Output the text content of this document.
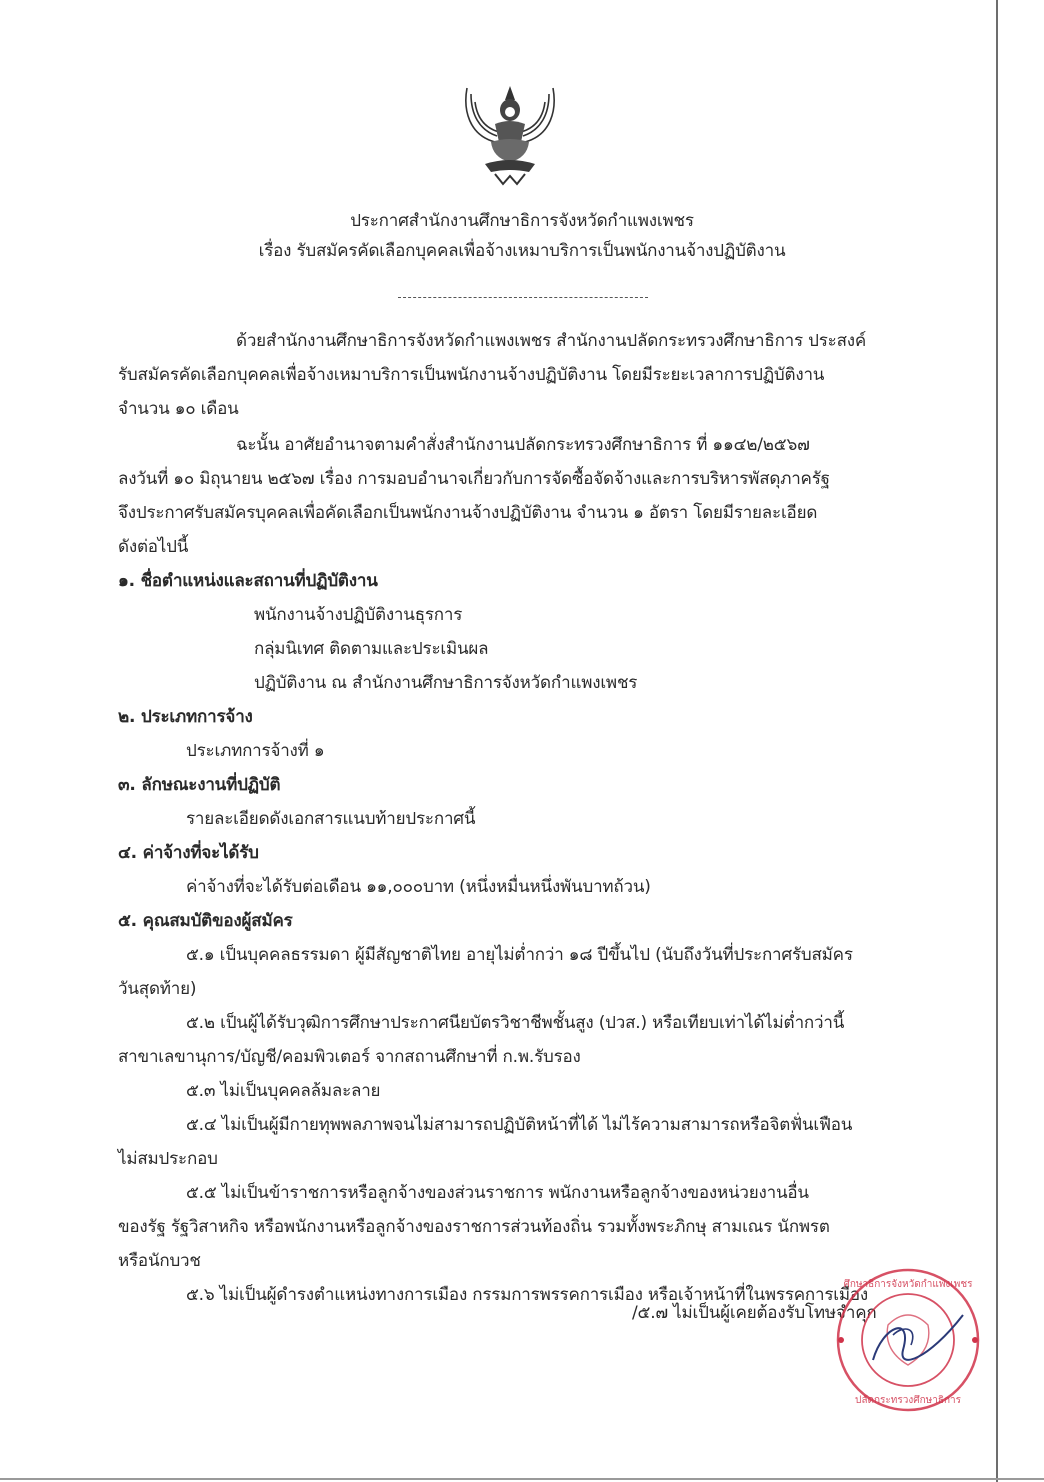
ประกาศสำนักงานศึกษาธิการจังหวัดกำแพงเพชร
เรื่อง รับสมัครคัดเลือกบุคคลเพื่อจ้างเหมาบริการเป็นพนักงานจ้างปฏิบัติงาน
ด้วยสำนักงานศึกษาธิการจังหวัดกำแพงเพชร สำนักงานปลัดกระทรวงศึกษาธิการ ประสงค์
รับสมัครคัดเลือกบุคคลเพื่อจ้างเหมาบริการเป็นพนักงานจ้างปฏิบัติงาน โดยมีระยะเวลาการปฏิบัติงาน
จำนวน ๑๐ เดือน
ฉะนั้น อาศัยอำนาจตามคำสั่งสำนักงานปลัดกระทรวงศึกษาธิการ ที่ ๑๑๔๒/๒๕๖๗
ลงวันที่ ๑๐ มิถุนายน ๒๕๖๗ เรื่อง การมอบอำนาจเกี่ยวกับการจัดซื้อจัดจ้างและการบริหารพัสดุภาครัฐ
จึงประกาศรับสมัครบุคคลเพื่อคัดเลือกเป็นพนักงานจ้างปฏิบัติงาน จำนวน ๑ อัตรา โดยมีรายละเอียด
ดังต่อไปนี้
๑. ชื่อตำแหน่งและสถานที่ปฏิบัติงาน
พนักงานจ้างปฏิบัติงานธุรการ
กลุ่มนิเทศ ติดตามและประเมินผล
ปฏิบัติงาน ณ สำนักงานศึกษาธิการจังหวัดกำแพงเพชร
๒. ประเภทการจ้าง
ประเภทการจ้างที่ ๑
๓. ลักษณะงานที่ปฏิบัติ
รายละเอียดดังเอกสารแนบท้ายประกาศนี้
๔. ค่าจ้างที่จะได้รับ
ค่าจ้างที่จะได้รับต่อเดือน ๑๑,๐๐๐บาท (หนึ่งหมื่นหนึ่งพันบาทถ้วน)
๕. คุณสมบัติของผู้สมัคร
๕.๑ เป็นบุคคลธรรมดา ผู้มีสัญชาติไทย อายุไม่ต่ำกว่า ๑๘ ปีขึ้นไป (นับถึงวันที่ประกาศรับสมัคร
วันสุดท้าย)
๕.๒ เป็นผู้ได้รับวุฒิการศึกษาประกาศนียบัตรวิชาชีพชั้นสูง (ปวส.) หรือเทียบเท่าได้ไม่ต่ำกว่านี้
สาขาเลขานุการ/บัญชี/คอมพิวเตอร์ จากสถานศึกษาที่ ก.พ.รับรอง
๕.๓ ไม่เป็นบุคคลล้มละลาย
๕.๔ ไม่เป็นผู้มีกายทุพพลภาพจนไม่สามารถปฏิบัติหน้าที่ได้ ไม่ไร้ความสามารถหรือจิตฟั่นเฟือน
ไม่สมประกอบ
๕.๕ ไม่เป็นข้าราชการหรือลูกจ้างของส่วนราชการ พนักงานหรือลูกจ้างของหน่วยงานอื่น
ของรัฐ รัฐวิสาหกิจ หรือพนักงานหรือลูกจ้างของราชการส่วนท้องถิ่น รวมทั้งพระภิกษุ สามเณร นักพรต
หรือนักบวช
๕.๖ ไม่เป็นผู้ดำรงตำแหน่งทางการเมือง กรรมการพรรคการเมือง หรือเจ้าหน้าที่ในพรรคการเมือง
/๕.๗ ไม่เป็นผู้เคยต้องรับโทษจำคุก
ศึกษาธิการจังหวัดกำแพงเพชร
ปลัดกระทรวงศึกษาธิการ
